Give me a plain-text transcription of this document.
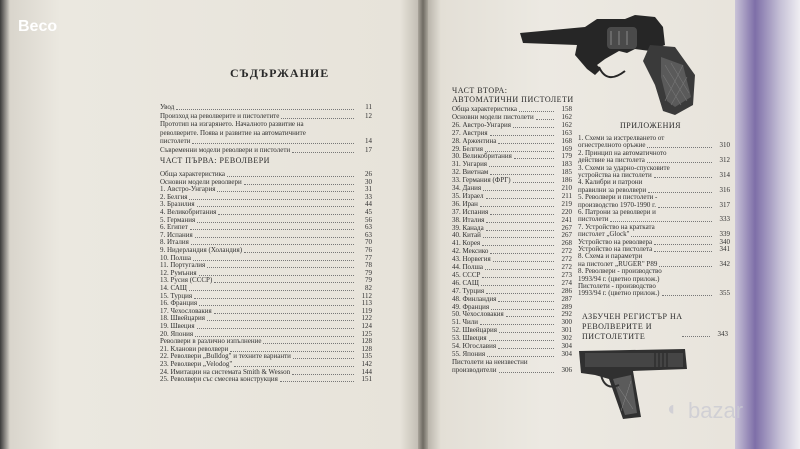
Beco
СЪДЪРЖАНИЕ
Увод	11
Произход на револверите и пистолетите	12
Прототип на изгарянето. Началното развитие на
револверите. Поява и развитие на автоматичните
пистолети	14
Съвременни модели револвери и пистолети	17
ЧАСТ ПЪРВА: РЕВОЛВЕРИ
Обща характеристика	26
Основни модели револвери	30
1. Австро-Унгария	31
2. Белгия	33
3. Бразилия	44
4. Великобритания	45
5. Германия	56
6. Египет	63
7. Испания	63
8. Италия	70
9. Нидерландия (Холандия)	76
10. Полша	77
11. Португалия	78
12. Румъния	79
13. Русия (СССР)	79
14. САЩ	82
15. Турция	112
16. Франция	113
17. Чехословакия	119
18. Швейцария	122
19. Швеция	124
20. Япония	125
Револвери в различно изпълнение	128
21. Кланови револвери	128
22. Револвери „Bulldog" и техните варианти	135
23. Револвери „Velodog"	142
24. Имитации на системата Smith & Wesson	144
25. Револвери със смесена конструкция	151
ЧАСТ ВТОРА:
АВТОМАТИЧНИ ПИСТОЛЕТИ
Обща характеристика	158
Основни модели пистолети	162
26. Австро-Унгария	162
27. Австрия	163
28. Аржентина	168
29. Белгия	169
30. Великобритания	179
31. Унгария	183
32. Виетнам	185
33. Германия (ФРГ)	186
34. Дания	210
35. Израел	211
36. Иран	219
37. Испания	220
38. Италия	241
39. Канада	267
40. Китай	267
41. Корея	268
42. Мексико	272
43. Норвегия	272
44. Полша	272
45. СССР	273
46. САЩ	274
47. Турция	286
48. Финландия	287
49. Франция	289
50. Чехословакия	292
51. Чили	300
52. Швейцария	301
53. Швеция	302
54. Югославия	304
55. Япония	304
Пистолети на неизвестни
производители	306
ПРИЛОЖЕНИЯ
1. Схеми за изстрелването от
огнестрелното оръжие	310
2. Принцип на автоматичното
действие на пистолета	312
3. Схеми за ударно-спусковите
устройства на пистолети	314
4. Калибри и патрони
правилни за револвери	316
5. Револвери и пистолети -
производство 1970-1990 г.	317
6. Патрони за револвери и
пистолети	333
7. Устройство на кратката
пистолет „Glock"	339
Устройство на револвера	340
Устройство на пистолета	341
8. Схема и параметри
на пистолет „RUGER" P89	342
8. Револвери - производство
1993/94 г. (цветно прилож.)
Пистолети - производство
1993/94 г. (цветно прилож.)	355
АЗБУЧЕН РЕГИСТЪР НА
РЕВОЛВЕРИТЕ И
ПИСТОЛЕТИТЕ	343
◖ bazar
